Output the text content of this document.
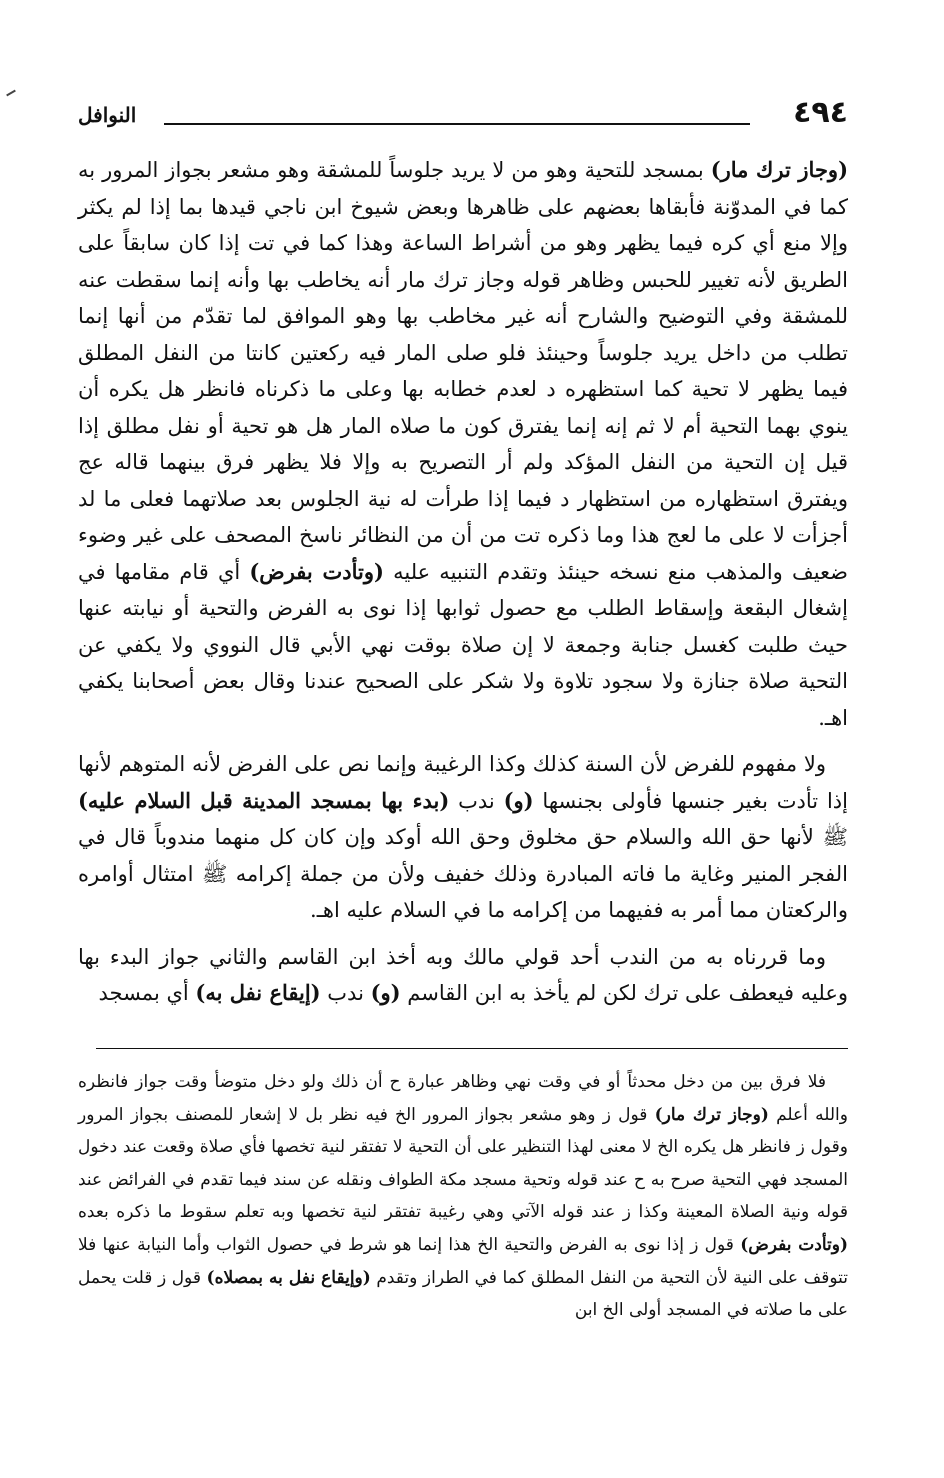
٤٩٤
النوافل

(وجاز ترك مار) بمسجد للتحية وهو من لا يريد جلوساً للمشقة وهو مشعر بجواز المرور به كما في المدوّنة فأبقاها بعضهم على ظاهرها وبعض شيوخ ابن ناجي قيدها بما إذا لم يكثر وإلا منع أي كره فيما يظهر وهو من أشراط الساعة وهذا كما في تت إذا كان سابقاً على الطريق لأنه تغيير للحبس وظاهر قوله وجاز ترك مار أنه يخاطب بها وأنه إنما سقطت عنه للمشقة وفي التوضيح والشارح أنه غير مخاطب بها وهو الموافق لما تقدّم من أنها إنما تطلب من داخل يريد جلوساً وحينئذ فلو صلى المار فيه ركعتين كانتا من النفل المطلق فيما يظهر لا تحية كما استظهره د لعدم خطابه بها وعلى ما ذكرناه فانظر هل يكره أن ينوي بهما التحية أم لا ثم إنه إنما يفترق كون ما صلاه المار هل هو تحية أو نفل مطلق إذا قيل إن التحية من النفل المؤكد ولم أر التصريح به وإلا فلا يظهر فرق بينهما قاله عج ويفترق استظهاره من استظهار د فيما إذا طرأت له نية الجلوس بعد صلاتهما فعلى ما لد أجزأت لا على ما لعج هذا وما ذكره تت من أن من النظائر ناسخ المصحف على غير وضوء ضعيف والمذهب منع نسخه حينئذ وتقدم التنبيه عليه (وتأدت بفرض) أي قام مقامها في إشغال البقعة وإسقاط الطلب مع حصول ثوابها إذا نوى به الفرض والتحية أو نيابته عنها حيث طلبت كغسل جنابة وجمعة لا إن صلاة بوقت نهي الأبي قال النووي ولا يكفي عن التحية صلاة جنازة ولا سجود تلاوة ولا شكر على الصحيح عندنا وقال بعض أصحابنا يكفي اهـ.

ولا مفهوم للفرض لأن السنة كذلك وكذا الرغيبة وإنما نص على الفرض لأنه المتوهم لأنها إذا تأدت بغير جنسها فأولى بجنسها (و) ندب (بدء بها بمسجد المدينة قبل السلام عليه) ﷺ لأنها حق الله والسلام حق مخلوق وحق الله أوكد وإن كان كل منهما مندوباً قال في الفجر المنير وغاية ما فاته المبادرة وذلك خفيف ولأن من جملة إكرامه ﷺ امتثال أوامره والركعتان مما أمر به ففيهما من إكرامه ما في السلام عليه اهـ.

وما قررناه به من الندب أحد قولي مالك وبه أخذ ابن القاسم والثاني جواز البدء بها وعليه فيعطف على ترك لكن لم يأخذ به ابن القاسم (و) ندب (إيقاع نفل به) أي بمسجد

فلا فرق بين من دخل محدثاً أو في وقت نهي وظاهر عبارة ح أن ذلك ولو دخل متوضأ وقت جواز فانظره والله أعلم (وجاز ترك مار) قول ز وهو مشعر بجواز المرور الخ فيه نظر بل لا إشعار للمصنف بجواز المرور وقول ز فانظر هل يكره الخ لا معنى لهذا التنظير على أن التحية لا تفتقر لنية تخصها فأي صلاة وقعت عند دخول المسجد فهي التحية صرح به ح عند قوله وتحية مسجد مكة الطواف ونقله عن سند فيما تقدم في الفرائض عند قوله ونية الصلاة المعينة وكذا ز عند قوله الآتي وهي رغيبة تفتقر لنية تخصها وبه تعلم سقوط ما ذكره بعده (وتأدت بفرض) قول ز إذا نوى به الفرض والتحية الخ هذا إنما هو شرط في حصول الثواب وأما النيابة عنها فلا تتوقف على النية لأن التحية من النفل المطلق كما في الطراز وتقدم (وإيقاع نفل به بمصلاه) قول ز قلت يحمل على ما صلاته في المسجد أولى الخ ابن
